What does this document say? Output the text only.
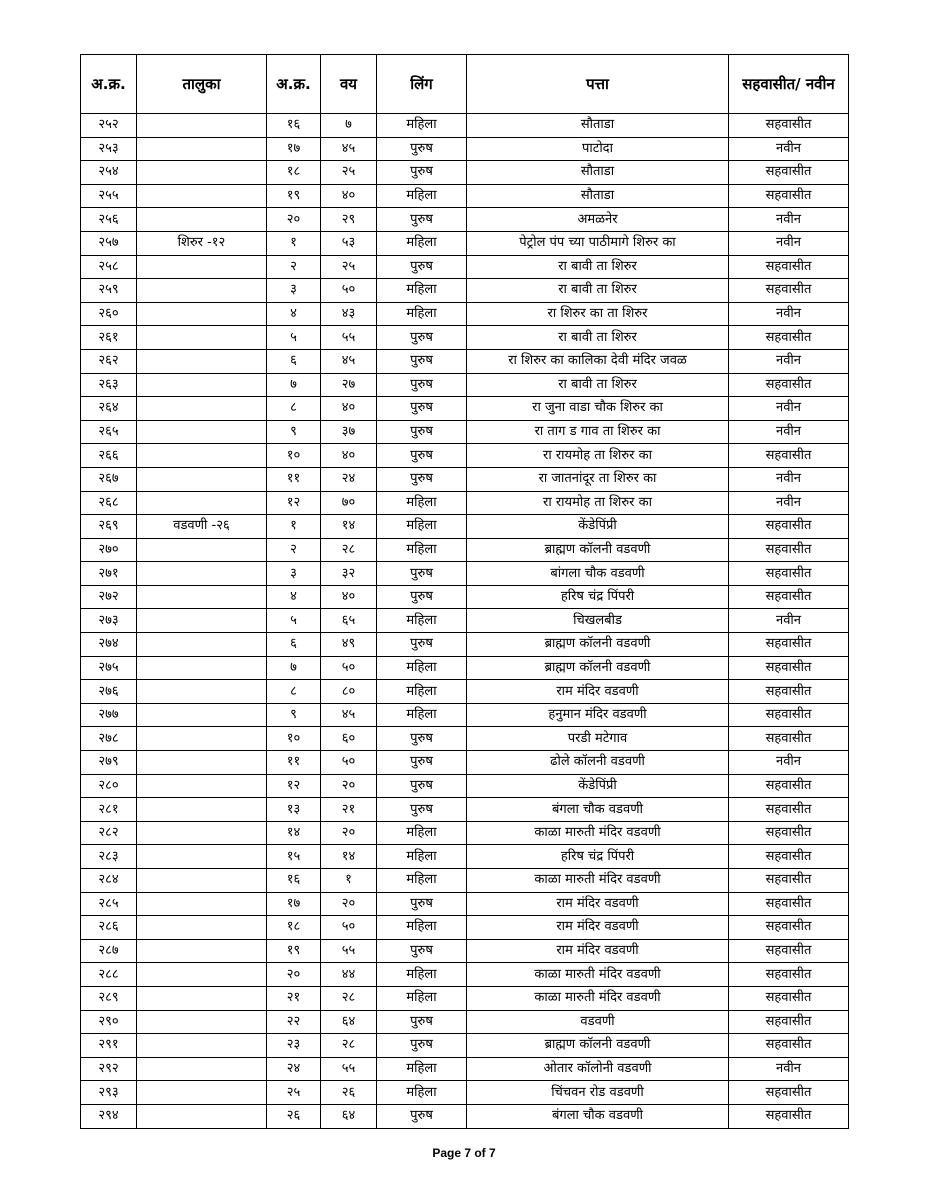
अ.क्र.	तालुका	अ.क्र.	वय	लिंग	पत्ता	सहवासीत/ नवीन
२५२		१६	७	महिला	सौताडा	सहवासीत
२५३		१७	४५	पुरुष	पाटोदा	नवीन
२५४		१८	२५	पुरुष	सौताडा	सहवासीत
२५५		१९	४०	महिला	सौताडा	सहवासीत
२५६		२०	२९	पुरुष	अमळनेर	नवीन
२५७	शिरुर -१२	१	५३	महिला	पेट्रोल पंप च्या पाठीमागे शिरुर का	नवीन
२५८		२	२५	पुरुष	रा बावी ता शिरुर	सहवासीत
२५९		३	५०	महिला	रा बावी ता शिरुर	सहवासीत
२६०		४	४३	महिला	रा शिरुर का ता शिरुर	नवीन
२६१		५	५५	पुरुष	रा बावी ता शिरुर	सहवासीत
२६२		६	४५	पुरुष	रा शिरुर का कालिका देवी मंदिर जवळ	नवीन
२६३		७	२७	पुरुष	रा बावी ता शिरुर	सहवासीत
२६४		८	४०	पुरुष	रा जुना वाडा चौक शिरुर का	नवीन
२६५		९	३७	पुरुष	रा ताग ड गाव ता शिरुर का	नवीन
२६६		१०	४०	पुरुष	रा रायमोह ता शिरुर का	सहवासीत
२६७		११	२४	पुरुष	रा जातनांदूर ता शिरुर का	नवीन
२६८		१२	७०	महिला	रा रायमोह ता शिरुर का	नवीन
२६९	वडवणी -२६	१	१४	महिला	केंडेपिंप्री	सहवासीत
२७०		२	२८	महिला	ब्राह्मण कॉलनी वडवणी	सहवासीत
२७१		३	३२	पुरुष	बांगला चौक वडवणी	सहवासीत
२७२		४	४०	पुरुष	हरिष चंद्र पिंपरी	सहवासीत
२७३		५	६५	महिला	चिखलबीड	नवीन
२७४		६	४९	पुरुष	ब्राह्मण कॉलनी वडवणी	सहवासीत
२७५		७	५०	महिला	ब्राह्मण कॉलनी वडवणी	सहवासीत
२७६		८	८०	महिला	राम मंदिर वडवणी	सहवासीत
२७७		९	४५	महिला	हनुमान मंदिर वडवणी	सहवासीत
२७८		१०	६०	पुरुष	परडी मटेगाव	सहवासीत
२७९		११	५०	पुरुष	ढोले कॉलनी वडवणी	नवीन
२८०		१२	२०	पुरुष	केंडेपिंप्री	सहवासीत
२८१		१३	२१	पुरुष	बंगला चौक वडवणी	सहवासीत
२८२		१४	२०	महिला	काळा मारुती मंदिर वडवणी	सहवासीत
२८३		१५	१४	महिला	हरिष चंद्र पिंपरी	सहवासीत
२८४		१६	१	महिला	काळा मारुती मंदिर वडवणी	सहवासीत
२८५		१७	२०	पुरुष	राम मंदिर वडवणी	सहवासीत
२८६		१८	५०	महिला	राम मंदिर वडवणी	सहवासीत
२८७		१९	५५	पुरुष	राम मंदिर वडवणी	सहवासीत
२८८		२०	४४	महिला	काळा मारुती मंदिर वडवणी	सहवासीत
२८९		२१	२८	महिला	काळा मारुती मंदिर वडवणी	सहवासीत
२९०		२२	६४	पुरुष	वडवणी	सहवासीत
२९१		२३	२८	पुरुष	ब्राह्मण कॉलनी वडवणी	सहवासीत
२९२		२४	५५	महिला	ओतार कॉलोनी वडवणी	नवीन
२९३		२५	२६	महिला	चिंचवन रोड वडवणी	सहवासीत
२९४		२६	६४	पुरुष	बंगला चौक वडवणी	सहवासीत
Page 7 of 7
